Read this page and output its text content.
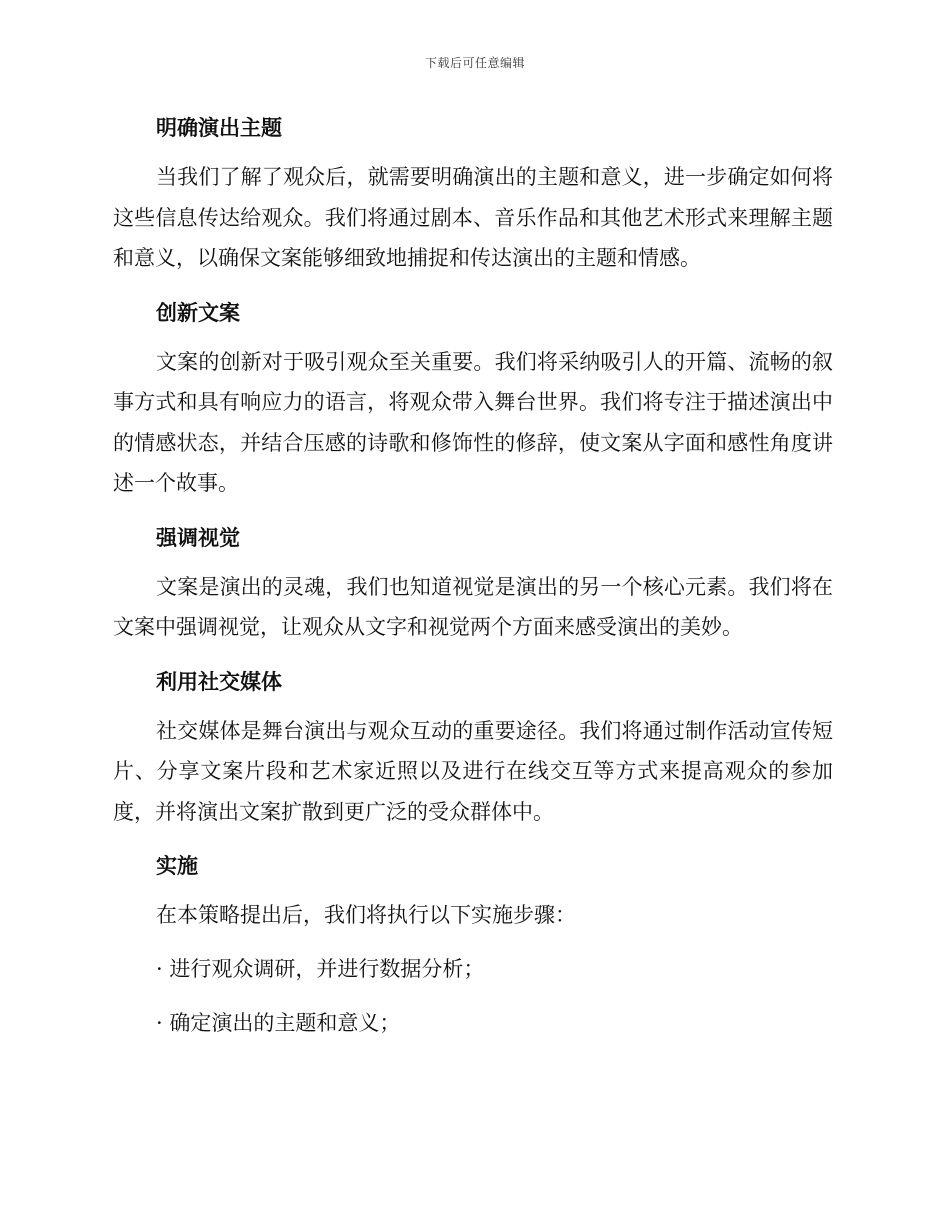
下载后可任意编辑
明确演出主题

当我们了解了观众后，就需要明确演出的主题和意义，进一步确定如何将这些信息传达给观众。我们将通过剧本、音乐作品和其他艺术形式来理解主题和意义，以确保文案能够细致地捕捉和传达演出的主题和情感。

创新文案

文案的创新对于吸引观众至关重要。我们将采纳吸引人的开篇、流畅的叙事方式和具有响应力的语言，将观众带入舞台世界。我们将专注于描述演出中的情感状态，并结合压感的诗歌和修饰性的修辞，使文案从字面和感性角度讲述一个故事。

强调视觉

文案是演出的灵魂，我们也知道视觉是演出的另一个核心元素。我们将在文案中强调视觉，让观众从文字和视觉两个方面来感受演出的美妙。

利用社交媒体

社交媒体是舞台演出与观众互动的重要途径。我们将通过制作活动宣传短片、分享文案片段和艺术家近照以及进行在线交互等方式来提高观众的参加度，并将演出文案扩散到更广泛的受众群体中。

实施

在本策略提出后，我们将执行以下实施步骤：

· 进行观众调研，并进行数据分析；

· 确定演出的主题和意义；
